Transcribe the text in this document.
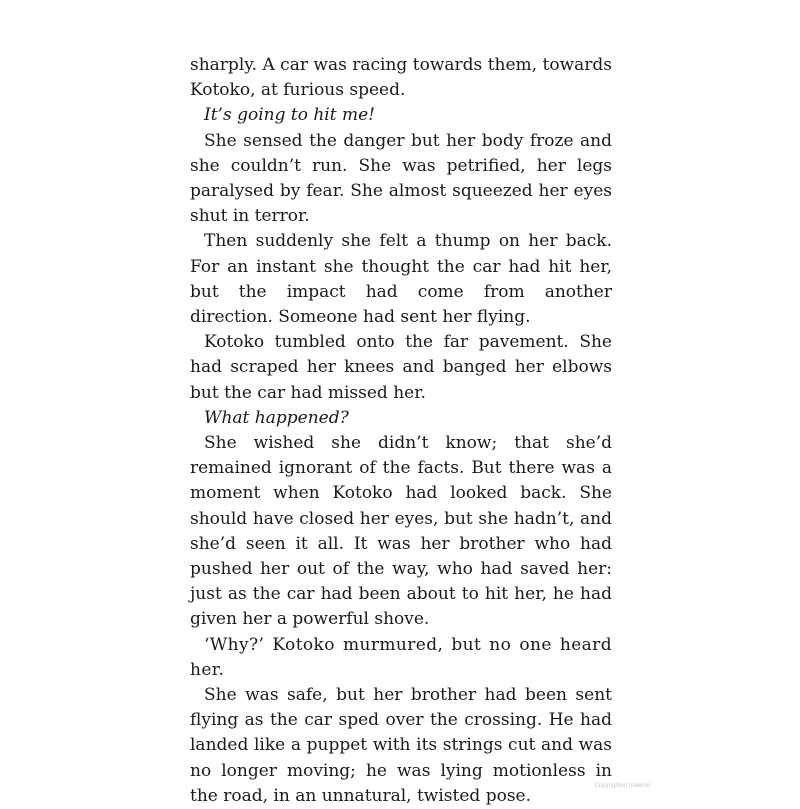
sharply. A car was racing towards them, towards Kotoko, at furious speed.

It’s going to hit me!

She sensed the danger but her body froze and she couldn’t run. She was petrified, her legs paralysed by fear. She almost squeezed her eyes shut in terror.

Then suddenly she felt a thump on her back. For an instant she thought the car had hit her, but the impact had come from another direction. Someone had sent her flying.

Kotoko tumbled onto the far pavement. She had scraped her knees and banged her elbows but the car had missed her.

What happened?

She wished she didn’t know; that she’d remained ignorant of the facts. But there was a moment when Kotoko had looked back. She should have closed her eyes, but she hadn’t, and she’d seen it all. It was her brother who had pushed her out of the way, who had saved her: just as the car had been about to hit her, he had given her a powerful shove.

‘Why?’ Kotoko murmured, but no one heard her.

She was safe, but her brother had been sent flying as the car sped over the crossing. He had landed like a puppet with its strings cut and was no longer moving; he was lying motionless in the road, in an unnatural, twisted pose.	Copyrighted material
